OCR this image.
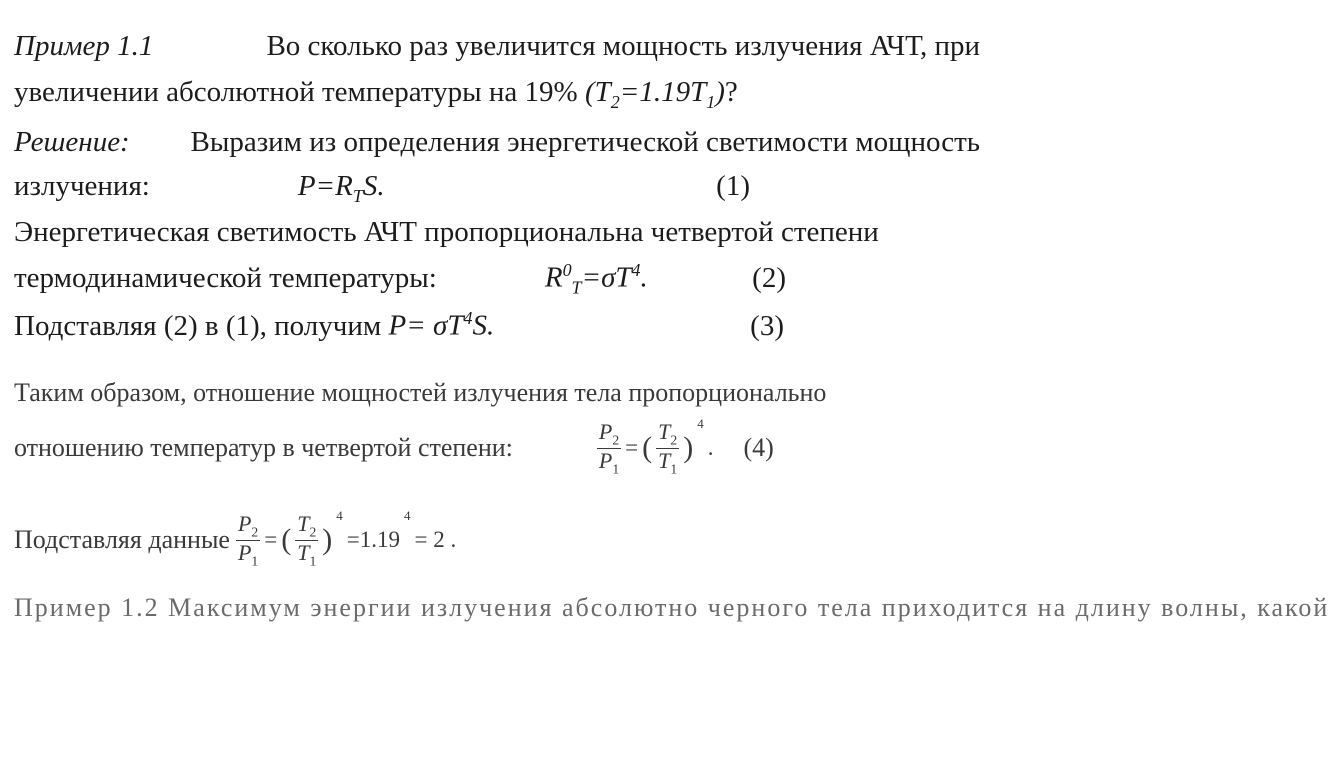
Пример 1.1	Во сколько раз увеличится мощность излучения АЧТ, при
увеличении абсолютной температуры на 19%
$(T_2=1.19T_1)$ ?
Решение: Выразим из определения энергетической светимости мощность
излучения:	$P=R_TS$.	(1)
Энергетическая светимость АЧТ пропорциональна четвертой степени
термодинамической температуры:	$R^0_T=\sigma T^4$.	(2)
Подставляя (2) в (1), получим
$P= \sigma T^4S$.	(3)
Таким образом, отношение мощностей излучения тела пропорционально
отношению температур в четвертой степени:	$\frac{P_2}{P_1}$ = ( $\frac{T_2}{T_1}$ )
4
. (4)
Подставляя данные $\frac{P_2}{P_1}$ = ( $\frac{T_2}{T_1}$ )
4
=1.19
4
= 2 .
Пример 1.2 Максимум энергии излучения абсолютно черного тела приходится на длину волны, какой
